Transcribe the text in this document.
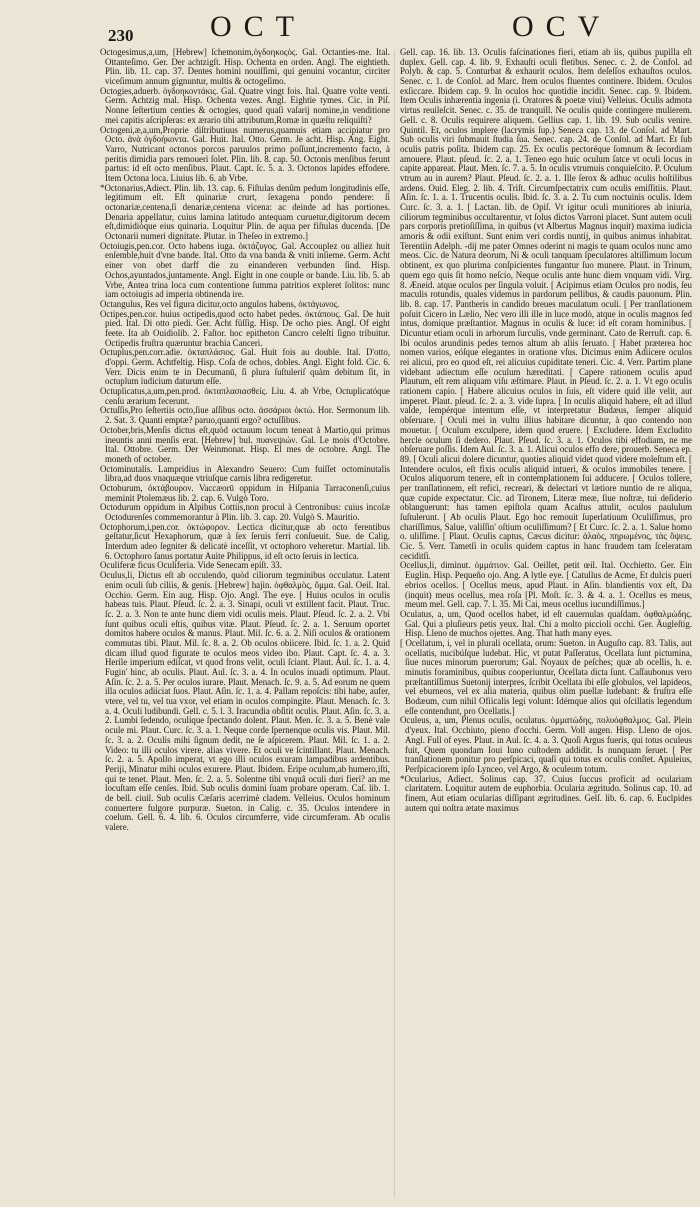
230	OCT	OCV

Octogesimus,a,um, [Hebrew] ſchemonim,ὀγδοηκοςὸς. Gal. Octanties-me. Ital. Ottanteſimo. Ger. Der achtzigſt. Hisp. Ochenta en orden. Angl. The eightieth. Plin. lib. 11. cap. 37. Dentes homini nouiſſimi, qui genuini vocantur, circiter viceſimum annum gignuntur, multis & octogeſimo.

Octogies,aduerb. ὀγδοηκοντάκις. Gal. Quatre vingt fois. Ital. Quatre volte venti. Germ. Achtzig mal. Hisp. Ochenta vezes. Angl. Eightie tymes. Cic. in Piſ. Nonne ſeſtertium centies & octogies, quod quaſi vaſarij nomine,in venditione mei capitis aſcripſeras: ex ærario tibi attributum,Romæ in quæſtu reliquiſti?

Octogeni,æ,a,um,Proprie diſtributiuus numerus,quamuis etiam accipiatur pro Octo. ἀνὰ ὀγδοήκοντα. Gal. Huit. Ital. Otto. Germ. Je acht. Hisp. Ang. Eight. Varro, Nutricant octonos porcos paruulos primo poſſunt,incremento facto, à peritis dimidia pars remouerì ſolet. Plin. lib. 8. cap. 50. Octonis menſibus ferunt partus: id eſt octo menſibus. Plaut. Capt. ſc. 5. a. 3. Octonos lapides effodere. Item Octona loca. Liuius lib. 6. ab Vrbe.

*Octonarius,Adiect. Plin. lib. 13. cap. 6. Fiſtulas denûm pedum longitudinis eſſe, legitimum eſt. Eſt quinariæ crurt, ſexagena pondo pendere: ſi octonariæ,centena,ſi denariæ,centena vicena: ac deinde ad has portiones. Denaria appellatur, cuius lamina latitudo antequam curuetur,digitorum decem eſt,dimidiòque eius quinaria. Loquitur Plin. de aqua per fiſtulas ducenda. [De Octonarii numeri dignitate. Plutar. in Theſeo in extremo.]

Octoiugis,pen.cor. Octo habens iuga. ὀκτάζυγος. Gal. Accouplez ou alliez huit enſemble,huit d'vne bande. Ital. Otto da vna banda & vniti inſieme. Germ. Acht einer von obet darff die zu einanderen verbunden ſind. Hisp. Ochos,ayuntados,juntamente. Angl. Eight in one couple or bande. Liu. lib. 5. ab Vrbe, Antea trina loca cum contentione ſumma patritios expleret ſolitos: nunc iam octoiugis ad imperia obtinenda ire.

Octangulus, Res vel figura dicitur,octo angulos habens, ὀκτάγωνος.

Octipes,pen.cor. huius octipedis,quod octo habet pedes. ὀκτάπους. Gal. De huit pied. Ital. Di otto piedi. Ger. Acht füſſig. Hisp. De ocho pies. Angl. Of eight feete. Ita ab Ouidiolib. 2. Faſtor. hoc epitheton Cancro celeſti ſigno tribuitur. Octipedis fruſtra quæruntur brachia Canceri.

Octuplus,pen.corr.adie. ὀκταπλάσιος. Gal. Huit fois au double. Ital. D'otto, d'oppi. Germ. Achtfeltig. Hisp. Coſa de ochos, dobles. Angl. Eight fold. Cic. 6. Verr. Dicis enim te in Decumanū, ſi plura ſuſtuleriſ quàm debitum ſit, in octuplum iudicium daturum eſſe.

Octuplicatus,a,um,pen.prod. ὀκταπλασιασθείς. Liu. 4. ab Vrbe, Octuplicatóque cenſu ærarium fecerunt.

Octuſſis,Pro ſeſtertiis octo,ſiue aſſibus octo. ἀσσάριοι ὀκτώ. Hor. Sermonum lib. 2. Sat. 3. Quanti emptæ? paruo,quanti ergo? octuſſibus.

October,bris,Menſis dictus eſt,quòd octauum locum teneat à Martio,qui primus ineuntis anni menſis erat. [Hebrew] bul. πυανεψιών. Gal. Le mois d'Octobre. Ital. Ottobre. Germ. Der Weinmonat. Hisp. El mes de octobre. Angl. The moneth of october.

Octominutalis. Lampridius in Alexandro Seuero: Cum fuiſſet octominutalis libra,ad duos vnaquæque vtriuſque carnis libra redigeretur.

Octoburum, ὀκτάβουρον. Vaccæorū oppidum in Hiſpania Tarraconenſi,cuius meminit Ptolemæus lib. 2. cap. 6. Vulgò Toro.

Octodurum oppidum in Alpibus Cottiis,non procul à Centronibus: cuius incolæ Octodurenſes commemorantur à Plin. lib. 3. cap. 20. Vulgò S. Mauritio.

Octophorum,i,pen.cor. ὀκτώφορον. Lectica dicitur,quæ ab octo ferentibus geſtatur,ſicut Hexaphorum, quæ à ſex ſeruis ferri conſueuit. Sue. de Calig. Interdum adeo ſegniter & delicatè inceſſit, vt octophoro veheretur. Martial. lib. 6. Octophoro ſanus portatur Auite Philippus, id eſt octo ſeruis in lectica.

Oculiferæ ficus Oculiferia. Vide Senecam epiſt. 33.

Oculus,li, Dictus eſt ab occulendo, quòd ciliorum tegminibus occulatur. Latent enim oculi ſub ciliis, & genis. [Hebrew] hajin. ὀφθαλμὸς, ὄμμα. Gal. Oeil. Ital. Occhio. Germ. Ein aug. Hisp. Ojo. Angl. The eye. [ Huius oculos in oculis habeas tuis. Plaut. Pſeud. ſc. 2. a. 3. Sinapi, oculi vt extillent facit. Plaut. Truc. ſc. 2. a. 3. Non te ante hunc diem vidi oculis meis. Plaut. Pſeud. ſc. 2. a. 2. Vbi ſunt quibus oculi eſtis, quibus vitæ. Plaut. Pſeud. ſc. 2. a. 1. Seruum oportet domitos habere oculos & manus. Plaut. Mil. ſc. 6. a. 2. Niſi oculos & orationem commutas tibi. Plaut. Mil. ſc. 8. a. 2. Ob oculos obiicere. Ibid. ſc. 1. a. 2. Quid dicam illud quod figurate te oculos meos video ibo. Plaut. Capt. ſc. 4. a. 3. Herile imperium ediſcat, vt quod frons velit, oculi ſciant. Plaut. Aul. ſc. 1. a. 4. Fugin' hinc, ab oculis. Plaut. Aul. ſc. 3. a. 4. In oculos inuadi optimum. Plaut. Aſin. ſc. 2. a. 5. Per oculos iurare. Plaut. Menach. ſc. 9. a. 5. Ad eorum ne quem illa oculos adiiciat ſuos. Plaut. Aſin. ſc. 1. a. 4. Pallam repoſcis: tibi habe, aufer, vtere, vel tu, vel tua vxor, vel etiam in oculos compingite. Plaut. Menach. ſc. 3. a. 4. Oculi ludibundi. Gell. c. 5. l. 3. Iracundia obſitit oculis. Plaut. Aſin. ſc. 3. a. 2. Lumbi ſedendo, oculique ſpectando dolent. Plaut. Men. ſc. 3. a. 5. Benè vale ocule mi. Plaut. Curc. ſc. 3. a. 1. Neque corde ſpernenque oculis vis. Plaut. Mil. ſc. 3. a. 2. Oculis mihi ſignum dedit, ne ſe aſpicerem. Plaut. Mil. ſc. 1. a. 2. Video: tu illi oculos virere. alias vivere. Et oculi ve ſcintillant. Plaut. Menach. ſc. 2. a. 5. Apollo imperat, vt ego illi oculos exuram lampadibus ardentibus. Periji, Minatur mihi oculos exurere. Plaut. Ibidem. Eripe oculum,ab humero,iſti, qui te tenet. Plaut. Men. ſc. 2. a. 5. Solentne tibi vnquâ oculi duri fieri? an me locuſtam eſſe cenſes. Ibid. Sub oculis domini ſuam probare operam. Caſ. lib. 1. de bell. ciuil. Sub oculis Cæſaris acerrimè cladem. Velleius. Oculos hominum conuertere fulgore purpuræ. Sueton. in Calig. c. 35. Oculos intendere in coelum. Gell. 6. 4. lib. 6. Oculos circumferre, vide circumferam. Ab oculis valere.

Gell. cap. 16. lib. 13. Oculis faſcinationes fieri, etiam ab iis, quibus pupilla eſt duplex. Gell. cap. 4. lib. 9. Exhauſti oculi fletibus. Senec. c. 2. de Confol. ad Polyb. & cap. 5. Conturbat & exhaurit oculos. Item deſeſſos exhauſtos oculos. Senec. c. 1. de Conſol. ad Marc. Item oculos fluentes continere. Ibidem. Oculos exſiccare. Ibidem cap. 9. In oculos hoc quotidie incidit. Senec. cap. 9. Ibidem. Item Oculis inhærentia ingenia (i. Oratores & poetæ viui) Velleius. Oculis admota virtus reuileſcit. Senec. c. 35. de tranquill. Ne oculis quide contingere mulierem. Gell. c. 8. Oculis requirere aliquem. Gellius cap. 1. lib. 19. Sub oculis venire. Quintil. Et, oculos implere (lacrymis ſup.) Seneca cap. 13. de Conſol. ad Mart. Sub oculis viri ſubmauit ſtudia ſua. Senec. cap. 24. de Conſol. ad Mart. Et ſub oculis patris poſita. Ibidem cap. 25. Ex oculis pectoréque ſomnum & ſecordiam amouere. Plaut. pſeud. ſc. 2. a. 1. Teneo ego huic oculum ſatce vt oculi locus in capite appareat. Plaut. Men. ſc. 7. a. 5. In oculis vtrumuis conquieſcito. P. Oculum vtrum au in aurem? Plaut. Pſeud. ſc. 2. a. 1. Ille ſerox & adhuc oculis hoſtilibus ardens. Ouid. Eleg. 2. lib. 4. Triſt. Circumſpectatrix cum oculis emiſſitiis. Plaut. Aſin. ſc. 1. a. 1. Trucentis oculis. Ibid. ſc. 3. a. 2. Tu cum noctuinis oculis. Idem Curc. ſc. 3. a. 1. [ Lactan. lib. de Opiſ. Vt igitur oculi munitiores ab iniuria, ciliorum tegminibus occultarentur, vt ſolus dictos Varroni placet. Sunt autem oculi pars corporis pretioſiſſima, in quibus (vt Albertus Magnus inquit) maxima iudicia amoris & odii exiſtunt. Sunt enim veri cordis nuntij, in quibus animus inhabitat. Terentiin Adelph. -dij me pater Omnes oderint ni magis te quam oculos nunc amo meos. Cic. de Natura deorum, Ni & oculi tanquam ſpeculatores altiſſimum locum obtinent, ex quo plurima conſpicientes fungantur ſuo munere. Plaut. in Trinum, quem ego quis ſit homo neſcio, Neque oculis ante hunc diem vnquam vidi. Virg. 8. Æneid. atque oculos per ſingula voluit. [ Acipimus etiam Oculos pro nodis, ſeu maculis rotundis, quales videmus in pardorum pellibus, & caudis pauonum. Plin. lib. 8. cap. 17. Pantheris in candido breues maculatum oculi. [ Per tranſlationem poſuit Cicero in Lælio, Nec vero illi ille in luce modò, atque in oculis magnos ſed intus, domique præſtantior. Magnus in oculis & luce: id eſt coram hominibus. [ Dicuntur etiam oculi in arborum ſurculis, vnde germinant. Cato de Rerruſt. cap. 6. Ibi oculos arundinis pedes ternos altum ab aliis ſeruato. [ Habet præterea hoc nomen varios, eóſque elegantes in oratione vſus. Dicimus enim Adiicere oculos rei alicui, pro eo quod eſt, rei alicuius cupiditate teneri. Cic. 4. Verr. Partim plane videbant adiectum eſſe oculum hæreditati. [ Capere rationem oculis apud Plautum, eſt rem aliquam viſu æſtimare. Plaut. in Pſeud. ſc. 2. a. 1. Vt ego oculis rationem capio. [ Habere alicuius oculos in ſuis, eſt videre quid ille velit, aut imperet. Plaut. pſeud. ſc. 2. a. 3. vide ſupra. [ In oculis aliquid habere, eſt ad illud valde, ſempérque intentum eſſe, vt interpretatur Budæus, ſemper aliquid obſeruare. [ Oculi mei in vultu illius habitare dicuntur, à quo contendo non mouetur. [ Oculum exculpere, idem quod eruere. [ Excludere. Idem Excludito hercle oculum ſi dedero. Plaut. Pſeud. ſc. 3. a. 1. Oculos tibi effodiam, ne me obſeruare poſſis. Idem Aul. ſc. 3. a. 1. Alicui oculos effo dere, prouerb. Seneca ep. 89. [ Oculi alicui dolere dicuntur, quoties aliquid videt quod videre moleſtum eſt. [ Intendere oculos, eſt fixis oculis aliquid intueri, & oculos immobiles tenere. [ Oculos aliquorum tenere, eſt in contemplationem ſui adducere. [ Oculos tollere, per tranſlationem, eſt reficì, recreari, & delectari vt lætiore nuntio de re aliqua, quæ cupide expectatur. Cic. ad Tironem, Literæ meæ, ſiue noſtræ, tui deſiderio oblanguerunt: has tamen epiſtola quam Acaſtus attulit, oculos paululum ſuſtulerunt. [ Ab oculis Plaut. Ego hoc remouit ſuperlatiuum Oculiſſimus, pro chariſſimus, Salue, valiſſin' oſtium oculiſſimum? [ Et Curc. ſc. 2. a. 1. Salue homo o. uliſſime. [ Plaut. Oculis captus, Cæcus dicitur: ἀλαὸς, πηρωμένος, τὰς ὄψεις. Cic. 5. Verr. Tametſi in oculis quidem captus in hanc fraudem tam ſceleratam ceciditſi.

Ocellus,li, diminut. ὀμμάτιον. Gal. Oeillet, petit œil. Ital. Occhietto. Ger. Ein Euglin. Hisp. Pequeño ojo. Ang. A lytle eye. [ Catullus de Acme, Et dulcis pueri ebrios ocellos. [ Ocellus meus, apud Plaut. in Aſin. blandientis vox eſt, Da (inquit) meus ocellus, mea roſa [Pl. Moſt. ſc. 3. & 4. a. 1. Ocellus es meus, meum mel. Gell. cap. 7. l. 35. Mi Cai, meus ocellus iucundiſſimus.]

Oculatus, a, um, Quod ocellos habet, id eſt cauernulas quaſdam. ὀφθαλμώδης. Gal. Qui a pluſieurs petis yeux. Ital. Chi a molto piccioli occhi. Ger. Äugleſtig. Hisp. Lleno de muchos ojettes. Ang. That hath many eyes.

[ Ocellatum, i, vel in plurali ocellata, orum: Sueton. in Auguſto cap. 83. Talis, aut ocellatis, nucibúſque ludebat. Hic, vt putat Paſſeratus, Ocellata ſunt pictumina, ſiue nuces minorum puerorum; Gal. Noyaux de peſches; quæ ab ocellis, h. e. minutis foraminibus, quibus cooperiuntur, Ocellata dicta ſunt. Caſſaubonus vero præſtantiſſimus Suetonij interpres, ſcribit Ocellata ibi eſſe globulos, vel lapideos, vel eburneos, vel ex alia materia, quibus olim puellæ ludebant: & fruſtra eſſe Bodæum, cum nihil Ofiicalis legi volunt: Idémque alios qui oſcillatis legendum eſſe contendunt, pro Ocellatis.]

Oculeus, a, um, Plenus oculis, oculatus. ὀμματώδης, πολυόφθαλμος. Gal. Plein d'yeux. Ital. Occhiuto, pieno d'occhi. Germ. Voll augen. Hisp. Lleno de ojos. Angl. Full of eyes. Plaut. in Aul. ſc. 4. a. 3. Quoſi Argus fueris, qui totus oculeus fuit, Quem quondam Ioui Iuno cuſtodem addidit. Is nunquam ſeruet. [ Per tranſlationem ponitur pro perſpicaci, quaſi qui totus ex oculis conſtet. Apuleius, Perſpicaciorem ipſo Lynceo, vel Argo, & oculeum totum.

*Ocularius, Adiect. Solinus cap. 37. Cuius ſuccus proficit ad oculariam claritatem. Loquitur autem de euphorbia. Ocularia ægritudo. Solinus cap. 10. ad finem, Aut etiam ocularias diſſipant ægritudines. Gelſ. lib. 6. cap. 6. Euclpides autem qui noſtra ætate maximus
